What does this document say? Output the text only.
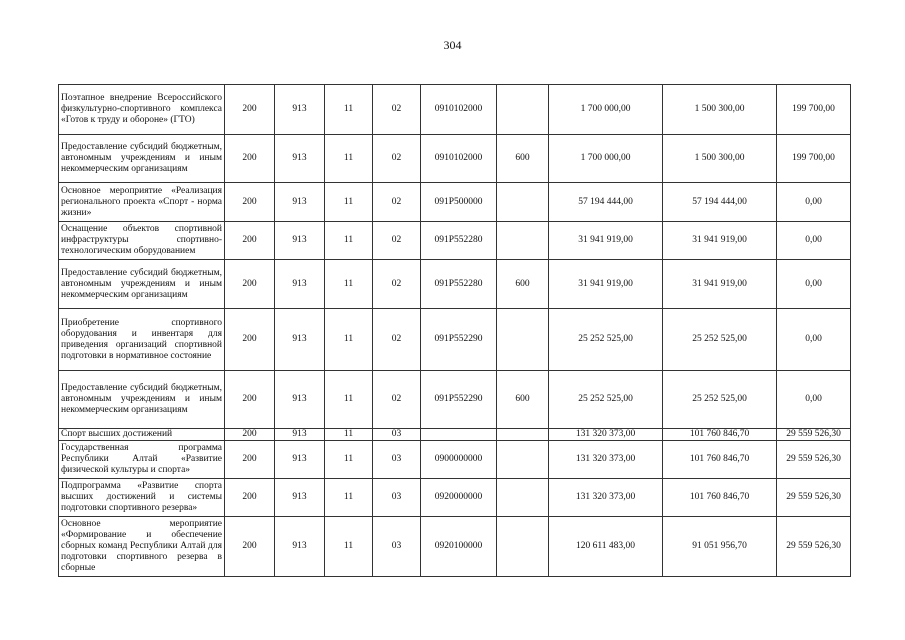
304
Поэтапное внедрение Всероссийского физкультурно-спортивного комплекса «Готов к труду и обороне» (ГТО)	200	913	11	02	0910102000		1 700 000,00	1 500 300,00	199 700,00
Предоставление субсидий бюджетным, автономным учреждениям и иным некоммерческим организациям	200	913	11	02	0910102000	600	1 700 000,00	1 500 300,00	199 700,00
Основное мероприятие «Реализация регионального проекта «Спорт - норма жизни»	200	913	11	02	091P500000		57 194 444,00	57 194 444,00	0,00
Оснащение объектов спортивной инфраструктуры спортивно-технологическим оборудованием	200	913	11	02	091P552280		31 941 919,00	31 941 919,00	0,00
Предоставление субсидий бюджетным, автономным учреждениям и иным некоммерческим организациям	200	913	11	02	091P552280	600	31 941 919,00	31 941 919,00	0,00
Приобретение спортивного оборудования и инвентаря для приведения организаций спортивной подготовки в нормативное состояние	200	913	11	02	091P552290		25 252 525,00	25 252 525,00	0,00
Предоставление субсидий бюджетным, автономным учреждениям и иным некоммерческим организациям	200	913	11	02	091P552290	600	25 252 525,00	25 252 525,00	0,00
Спорт высших достижений	200	913	11	03			131 320 373,00	101 760 846,70	29 559 526,30
Государственная программа Республики Алтай «Развитие физической культуры и спорта»	200	913	11	03	0900000000		131 320 373,00	101 760 846,70	29 559 526,30
Подпрограмма «Развитие спорта высших достижений и системы подготовки спортивного резерва»	200	913	11	03	0920000000		131 320 373,00	101 760 846,70	29 559 526,30
Основное мероприятие «Формирование и обеспечение сборных команд Республики Алтай для подготовки спортивного резерва в сборные	200	913	11	03	0920100000		120 611 483,00	91 051 956,70	29 559 526,30
